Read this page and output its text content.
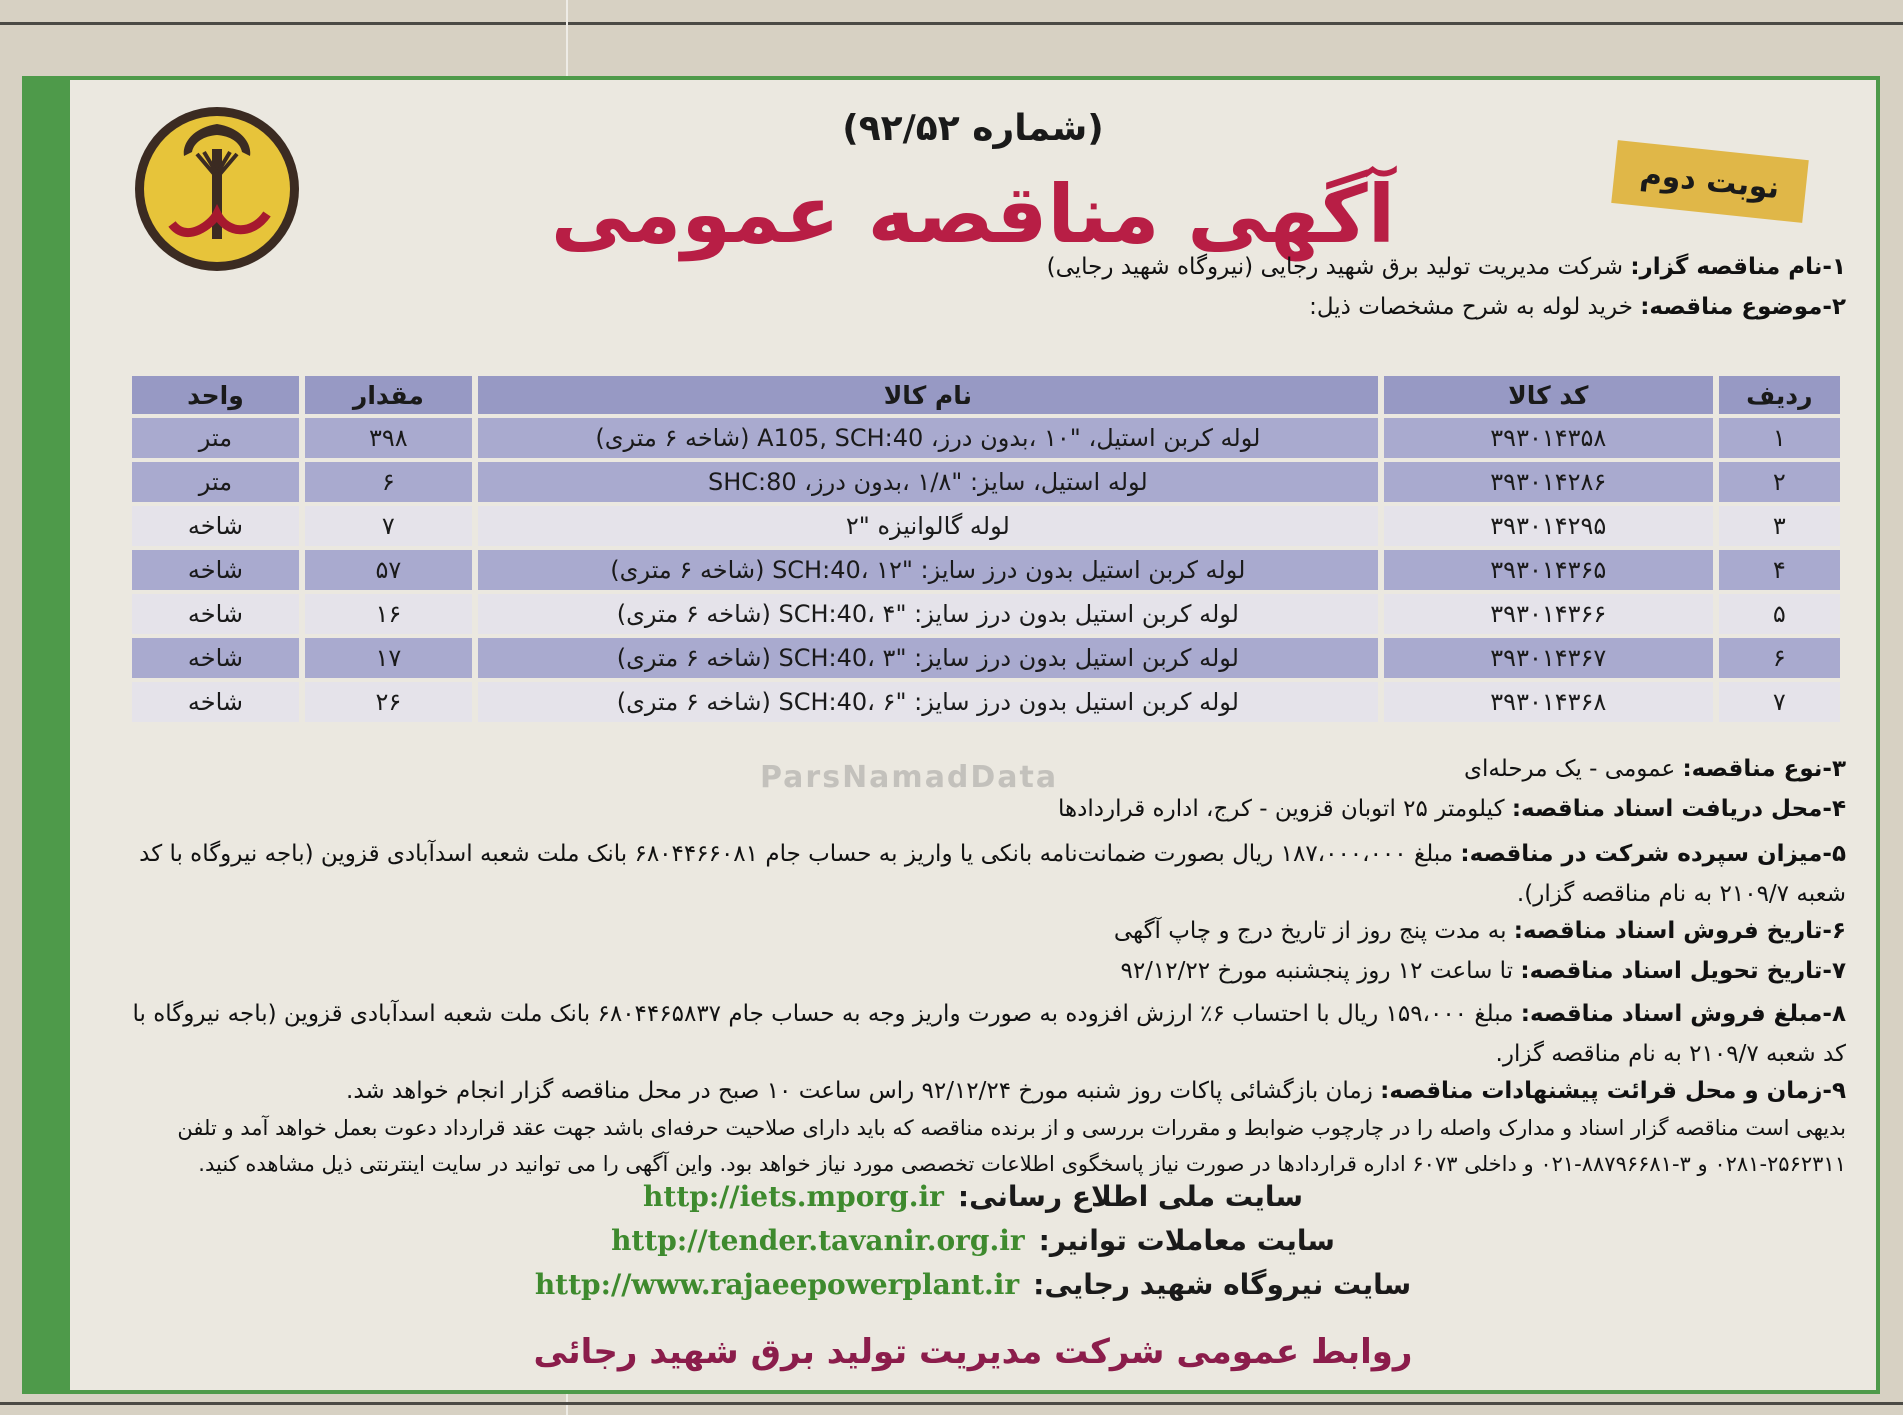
نوبت دوم
(شماره ۹۲/۵۲)
آگهی مناقصه عمومی
۱-نام مناقصه گزار: شرکت مدیریت تولید برق شهید رجایی (نیروگاه شهید رجایی)
۲-موضوع مناقصه: خرید لوله به شرح مشخصات ذیل:
ردیف	کد کالا	نام کالا	مقدار	واحد
۱	۳۹۳۰۱۴۳۵۸	لوله کربن استیل، "۱۰ ،بدون درز، A105, SCH:40 (شاخه ۶ متری)	۳۹۸	متر
۲	۳۹۳۰۱۴۲۸۶	لوله استیل، سایز: "۱/۸ ،بدون درز، SHC:80	۶	متر
۳	۳۹۳۰۱۴۲۹۵	لوله گالوانیزه "۲	۷	شاخه
۴	۳۹۳۰۱۴۳۶۵	لوله کربن استیل بدون درز سایز: "۱۲ ،SCH:40 (شاخه ۶ متری)	۵۷	شاخه
۵	۳۹۳۰۱۴۳۶۶	لوله کربن استیل بدون درز سایز: "۴ ،SCH:40 (شاخه ۶ متری)	۱۶	شاخه
۶	۳۹۳۰۱۴۳۶۷	لوله کربن استیل بدون درز سایز: "۳ ،SCH:40 (شاخه ۶ متری)	۱۷	شاخه
۷	۳۹۳۰۱۴۳۶۸	لوله کربن استیل بدون درز سایز: "۶ ،SCH:40 (شاخه ۶ متری)	۲۶	شاخه
ParsNamadData	۳-نوع مناقصه: عمومی - یک مرحله‌ای
۴-محل دریافت اسناد مناقصه: کیلومتر ۲۵ اتوبان قزوین - کرج، اداره قراردادها
۵-میزان سپرده شرکت در مناقصه: مبلغ ۱۸۷،۰۰۰،۰۰۰ ریال بصورت ضمانت‌نامه بانکی یا واریز به حساب جام ۶۸۰۴۴۶۶۰۸۱ بانک ملت شعبه اسدآبادی قزوین (باجه نیروگاه با کد شعبه ۲۱۰۹/۷ به نام مناقصه گزار).
۶-تاریخ فروش اسناد مناقصه: به مدت پنج روز از تاریخ درج و چاپ آگهی
۷-تاریخ تحویل اسناد مناقصه: تا ساعت ۱۲ روز پنجشنبه مورخ ۹۲/۱۲/۲۲
۸-مبلغ فروش اسناد مناقصه: مبلغ ۱۵۹،۰۰۰ ریال با احتساب ۶٪ ارزش افزوده به صورت واریز وجه به حساب جام ۶۸۰۴۴۶۵۸۳۷ بانک ملت شعبه اسدآبادی قزوین (باجه نیروگاه با کد شعبه ۲۱۰۹/۷ به نام مناقصه گزار.
۹-زمان و محل قرائت پیشنهادات مناقصه: زمان بازگشائی پاکات روز شنبه مورخ ۹۲/۱۲/۲۴ راس ساعت ۱۰ صبح در محل مناقصه گزار انجام خواهد شد.
بدیهی است مناقصه گزار اسناد و مدارک واصله را در چارچوب ضوابط و مقررات بررسی و از برنده مناقصه که باید دارای صلاحیت حرفه‌ای باشد جهت عقد قرارداد دعوت بعمل خواهد آمد و تلفن ۲۵۶۲۳۱۱-۰۲۸۱ و ۳-۸۸۷۹۶۶۸۱-۰۲۱ و داخلی ۶۰۷۳ اداره قراردادها در صورت نیاز پاسخگوی اطلاعات تخصصی مورد نیاز خواهد بود. واین آگهی را می توانید در سایت اینترنتی ذیل مشاهده کنید.
سایت ملی اطلاع رسانی:
http://iets.mporg.ir
سایت معاملات توانیر:
http://tender.tavanir.org.ir
سایت نیروگاه شهید رجایی:
http://www.rajaeepowerplant.ir
روابط عمومی شرکت مدیریت تولید برق شهید رجائی
